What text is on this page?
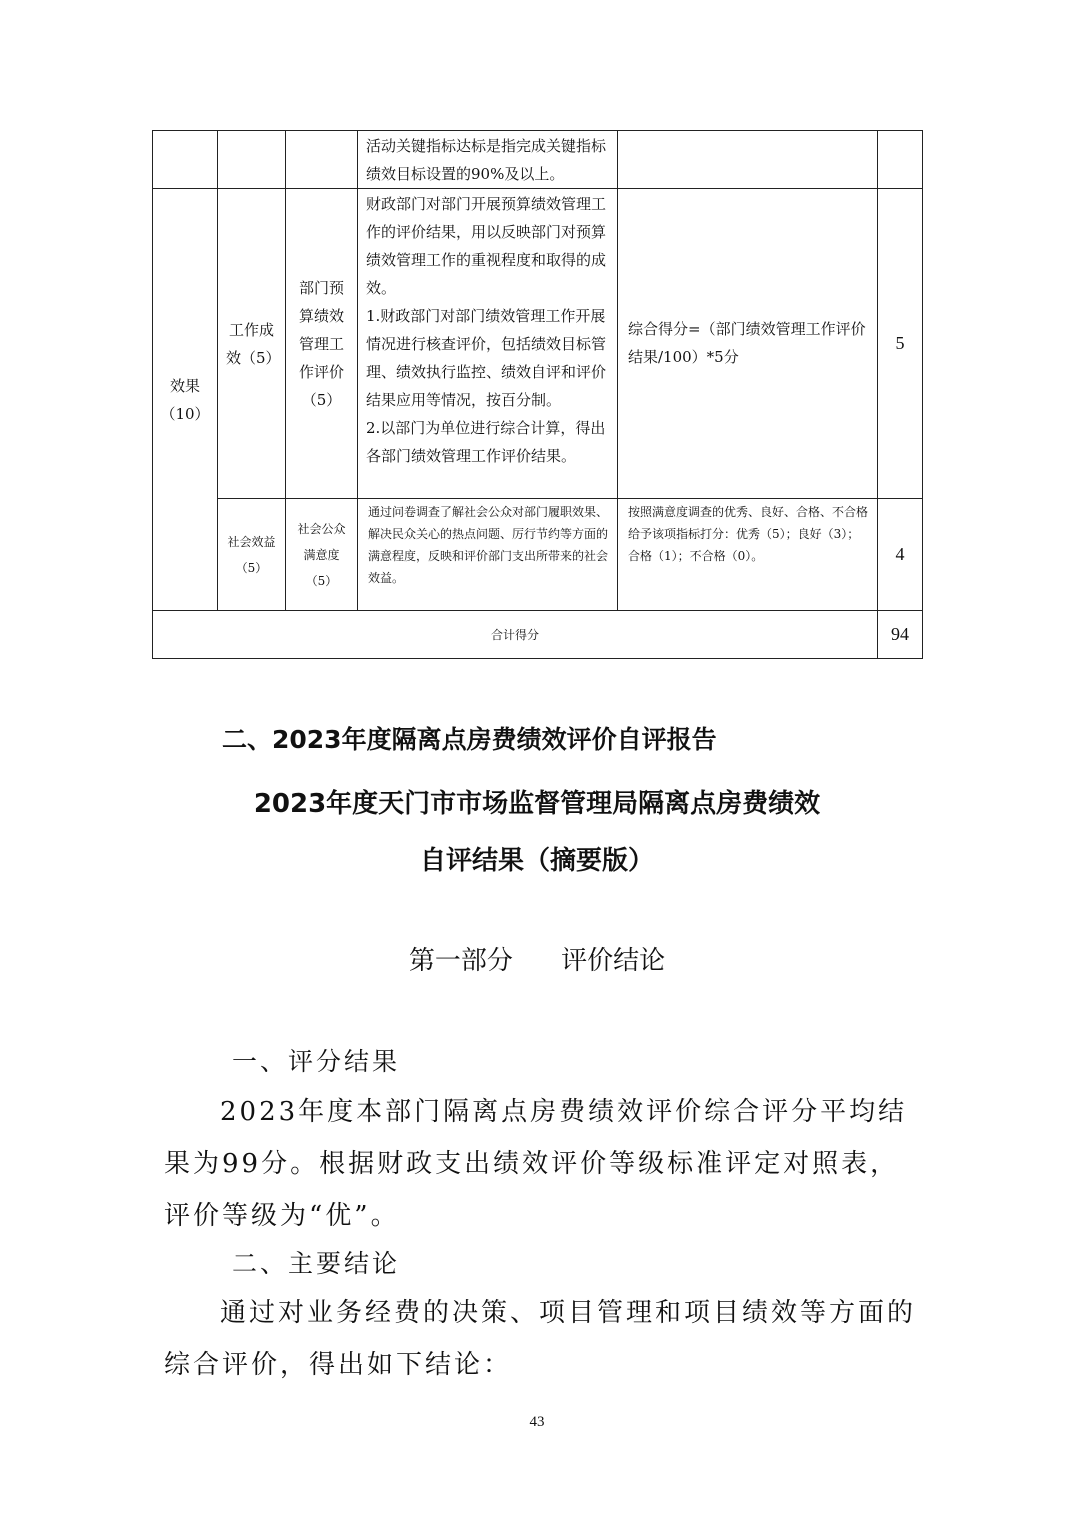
活动关键指标达标是指完成关键指标绩效目标设置的90%及以上。
效果（10）
工作成效（5）
部门预算绩效管理工作评价（5）
财政部门对部门开展预算绩效管理工作的评价结果，用以反映部门对预算绩效管理工作的重视程度和取得的成效。
1.财政部门对部门绩效管理工作开展情况进行核查评价，包括绩效目标管理、绩效执行监控、绩效自评和评价结果应用等情况，按百分制。
2.以部门为单位进行综合计算，得出各部门绩效管理工作评价结果。
综合得分=（部门绩效管理工作评价结果/100）*5分
5
社会效益（5）
社会公众满意度（5）
通过问卷调查了解社会公众对部门履职效果、解决民众关心的热点问题、厉行节约等方面的满意程度，反映和评价部门支出所带来的社会效益。
按照满意度调查的优秀、良好、合格、不合格给予该项指标打分：优秀（5）；良好（3）；合格（1）；不合格（0）。	4
合计得分	94
二、2023年度隔离点房费绩效评价自评报告
2023年度天门市市场监督管理局隔离点房费绩效
自评结果（摘要版）
第一部分 评价结论
一、评分结果
2023年度本部门隔离点房费绩效评价综合评分平均结果为99分。根据财政支出绩效评价等级标准评定对照表，评价等级为“优”。
二、主要结论
通过对业务经费的决策、项目管理和项目绩效等方面的综合评价，得出如下结论：
43
